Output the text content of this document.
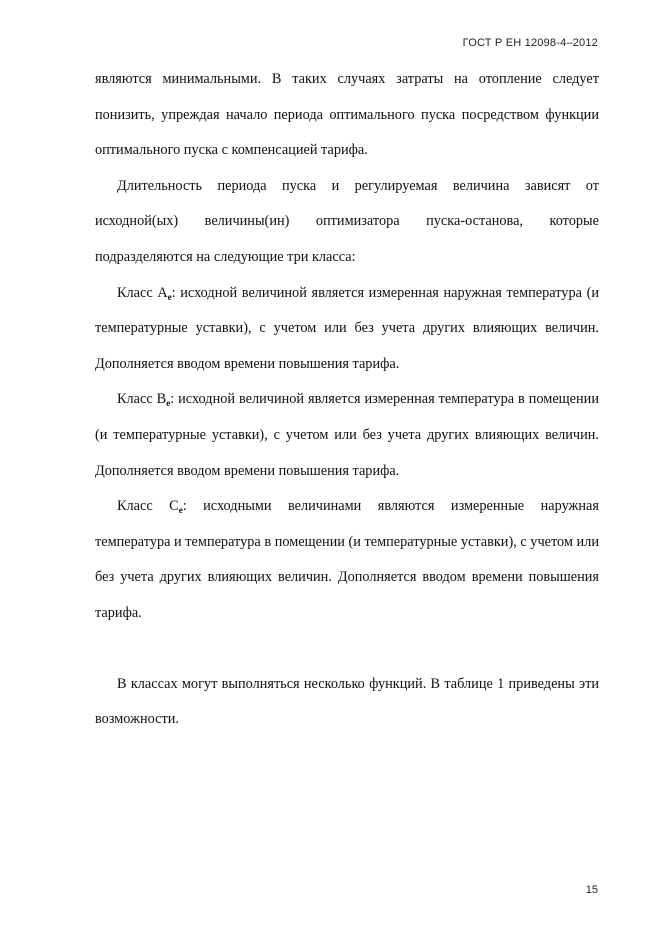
ГОСТ Р ЕН 12098-4–2012

являются минимальными. В таких случаях затраты на отопление следует понизить, упреждая начало периода оптимального пуска посредством функции оптимального пуска с компенсацией тарифа.

Длительность периода пуска и регулируемая величина зависят от исходной(ых) величины(ин) оптимизатора пуска-останова, которые подразделяются на следующие три класса:

Класс $A_e$: исходной величиной является измеренная наружная температура (и температурные уставки), с учетом или без учета других влияющих величин. Дополняется вводом времени повышения тарифа.

Класс $B_e$: исходной величиной является измеренная температура в помещении (и температурные уставки), с учетом или без учета других влияющих величин. Дополняется вводом времени повышения тарифа.

Класс $C_e$: исходными величинами являются измеренные наружная температура и температура в помещении (и температурные уставки), с учетом или без учета других влияющих величин. Дополняется вводом времени повышения тарифа.

В классах могут выполняться несколько функций. В таблице 1 приведены эти возможности.

15
